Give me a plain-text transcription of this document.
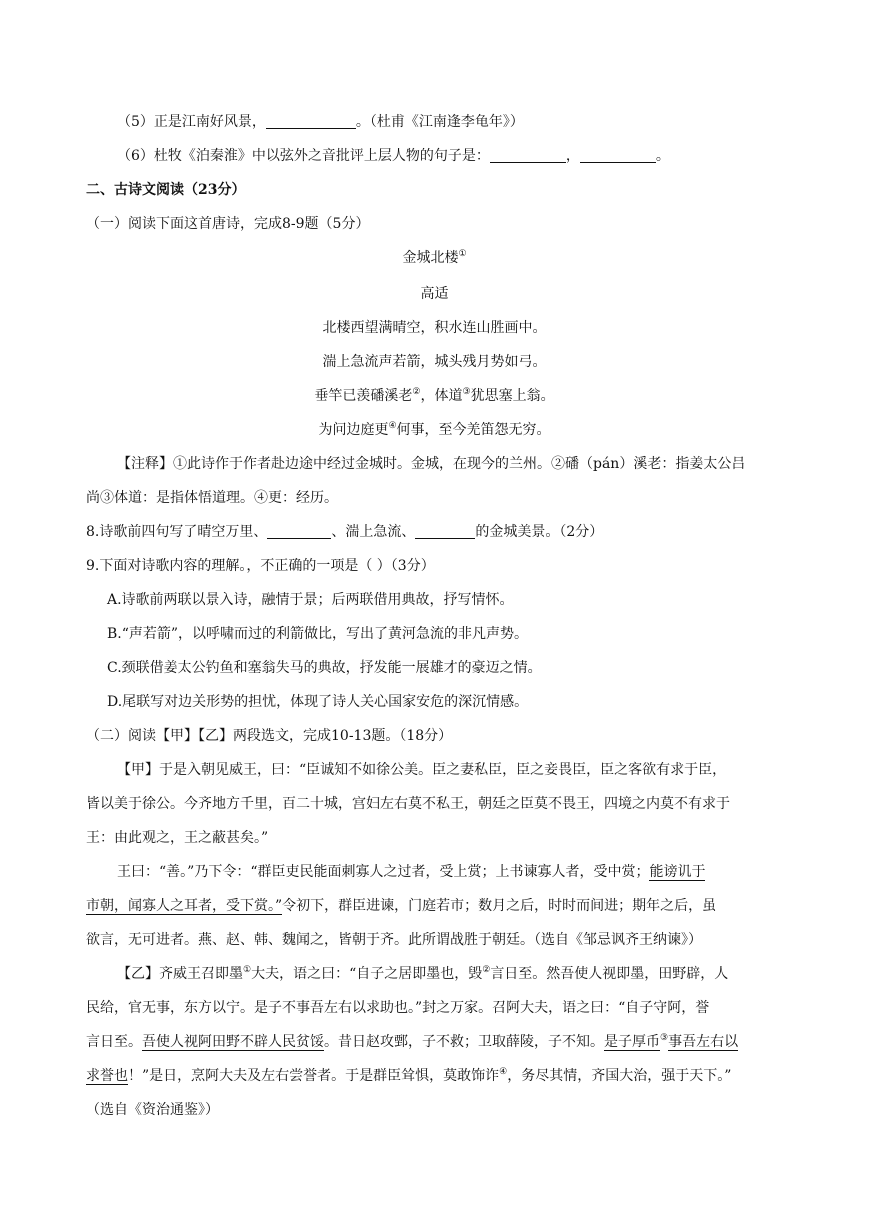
（5）正是江南好风景，	。（杜甫《江南逢李龟年》）
（6）杜牧《泊秦淮》中以弦外之音批评上层人物的句子是：	，	。
二、古诗文阅读（23分）
（一）阅读下面这首唐诗，完成8-9题（5分）
金城北楼①
高适
北楼西望满晴空，积水连山胜画中。
湍上急流声若箭，城头残月势如弓。
垂竿已羡磻溪老②，体道③犹思塞上翁。
为问边庭更④何事，至今羌笛怨无穷。
【注释】①此诗作于作者赴边途中经过金城时。金城，在现今的兰州。②磻（pán）溪老：指姜太公吕
尚③体道：是指体悟道理。④更：经历。
8.诗歌前四句写了晴空万里、	、湍上急流、	的金城美景。（2分）
9.下面对诗歌内容的理解。，不正确的一项是（ ）（3分）
A.诗歌前两联以景入诗，融情于景；后两联借用典故，抒写情怀。
B.“声若箭”，以呼啸而过的利箭做比，写出了黄河急流的非凡声势。
C.颈联借姜太公钓鱼和塞翁失马的典故，抒发能一展雄才的豪迈之情。
D.尾联写对边关形势的担忧，体现了诗人关心国家安危的深沉情感。
（二）阅读【甲】【乙】两段选文，完成10-13题。（18分）
【甲】于是入朝见威王，曰：“臣诚知不如徐公美。臣之妻私臣，臣之妾畏臣，臣之客欲有求于臣，
皆以美于徐公。今齐地方千里，百二十城，宫妇左右莫不私王，朝廷之臣莫不畏王，四境之内莫不有求于
王：由此观之，王之蔽甚矣。”
王曰：“善。”乃下令：“群臣吏民能面刺寡人之过者，受上赏；上书谏寡人者，受中赏；能谤讥于
市朝，闻寡人之耳者，受下赏。”令初下，群臣进谏，门庭若市；数月之后，时时而间进；期年之后，虽
欲言，无可进者。燕、赵、韩、魏闻之，皆朝于齐。此所谓战胜于朝廷。（选自《邹忌讽齐王纳谏》）
【乙】齐威王召即墨①大夫，语之曰：“自子之居即墨也，毁②言日至。然吾使人视即墨，田野辟，人
民给，官无事，东方以宁。是子不事吾左右以求助也。”封之万家。召阿大夫，语之曰：“自子守阿，誉
言日至。吾使人视阿田野不辟人民贫馁。昔日赵攻鄄，子不救；卫取薛陵，子不知。是子厚币③事吾左右以
求誉也！”是日，烹阿大夫及左右尝誉者。于是群臣耸惧，莫敢饰诈④，务尽其情，齐国大治，强于天下。”
（选自《资治通鉴》）
